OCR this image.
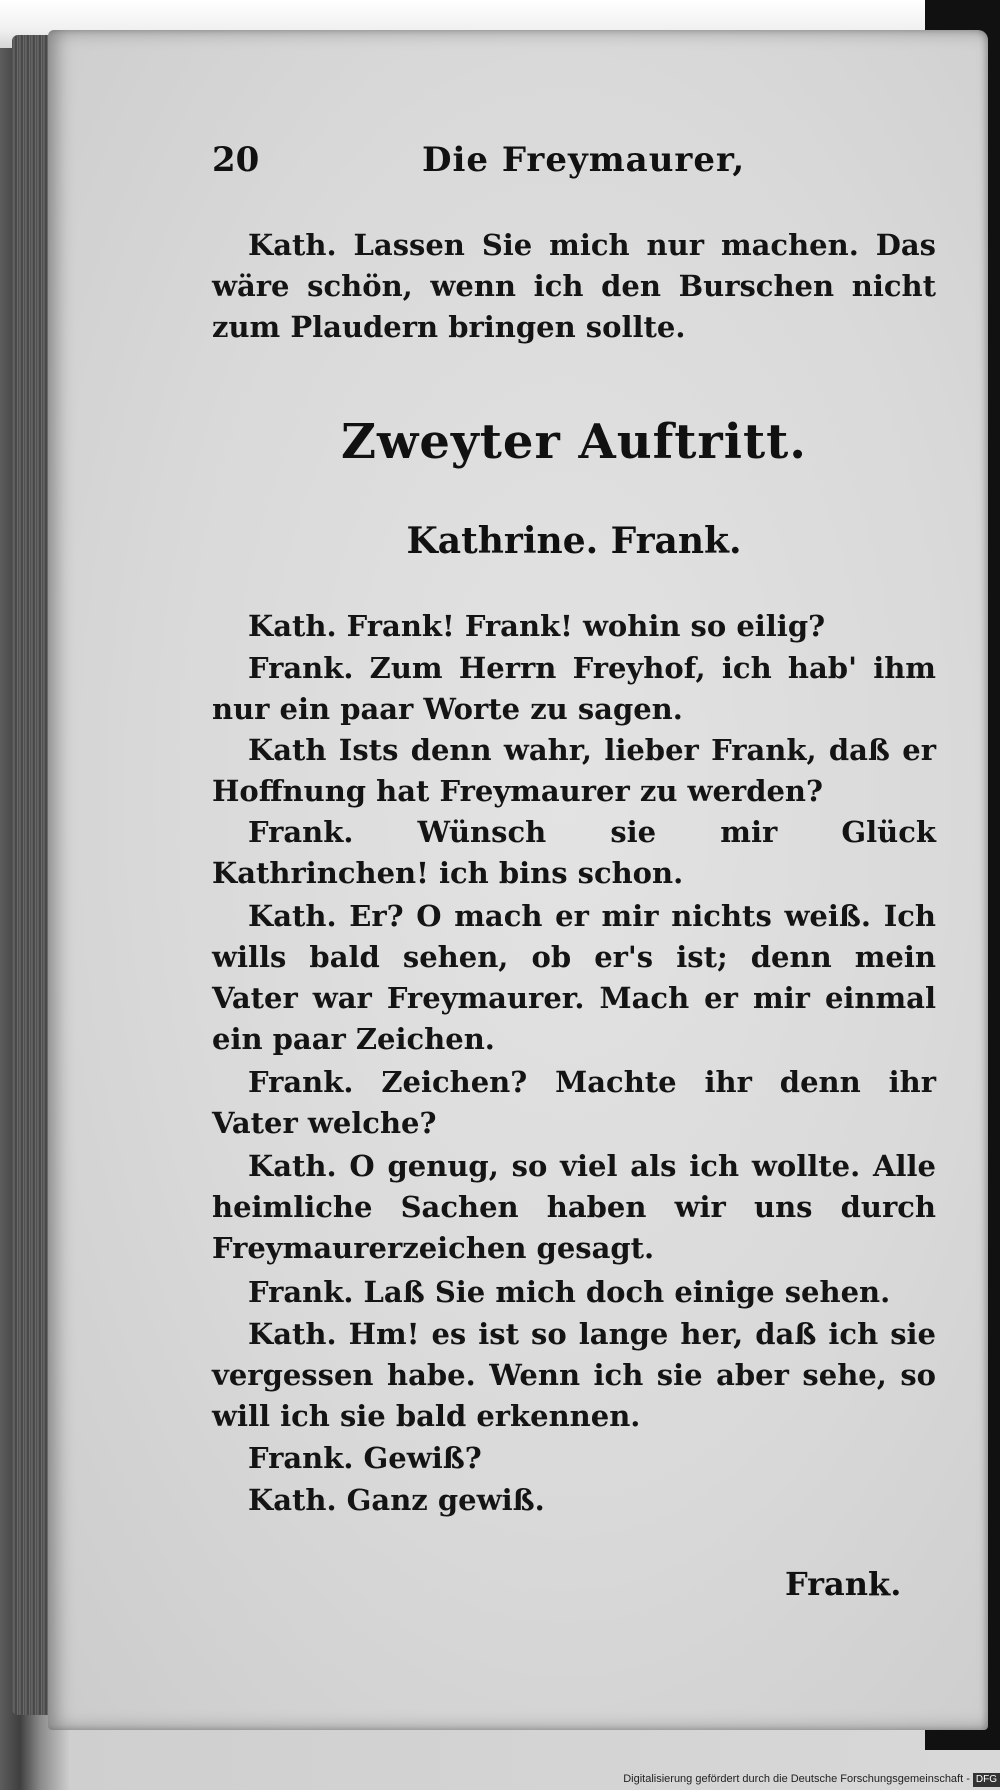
20	Die Freymaurer,
Kath. Lassen Sie mich nur machen. Das wäre schön, wenn ich den Burschen nicht zum Plaudern bringen sollte.
Zweyter Auftritt.
Kathrine. Frank.
Kath. Frank! Frank! wohin so eilig?
Frank. Zum Herrn Freyhof, ich hab' ihm nur ein paar Worte zu sagen.
Kath Ists denn wahr, lieber Frank, daß er Hoffnung hat Freymaurer zu werden?
Frank. Wünsch sie mir Glück Kathrinchen! ich bins schon.
Kath. Er? O mach er mir nichts weiß. Ich wills bald sehen, ob er's ist; denn mein Vater war Freymaurer. Mach er mir einmal ein paar Zeichen.
Frank. Zeichen? Machte ihr denn ihr Vater welche?
Kath. O genug, so viel als ich wollte. Alle heimliche Sachen haben wir uns durch Freymaurerzeichen gesagt.
Frank. Laß Sie mich doch einige sehen.
Kath. Hm! es ist so lange her, daß ich sie vergessen habe. Wenn ich sie aber sehe, so will ich sie bald erkennen.
Frank. Gewiß?
Kath. Ganz gewiß.
Frank.
Digitalisierung gefördert durch die Deutsche Forschungsgemeinschaft - DFG
